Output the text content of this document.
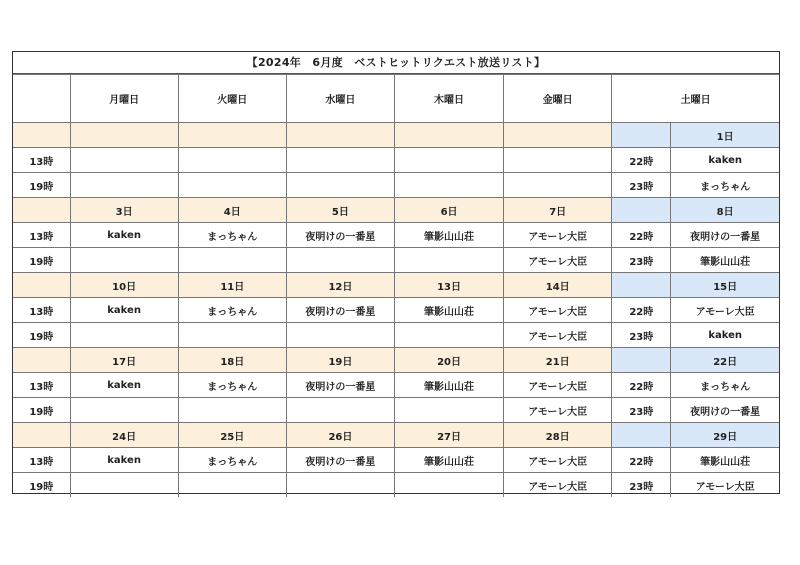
【2024年　6月度　ベストヒットリクエスト放送リスト】
	月曜日	火曜日	水曜日	木曜日	金曜日	土曜日	
							1日
13時						22時	kaken
19時						23時	まっちゃん
	3日	4日	5日	6日	7日		8日
13時	kaken	まっちゃん	夜明けの一番星	筆影山山荘	アモーレ大臣	22時	夜明けの一番星
19時					アモーレ大臣	23時	筆影山山荘
	10日	11日	12日	13日	14日		15日
13時	kaken	まっちゃん	夜明けの一番星	筆影山山荘	アモーレ大臣	22時	アモーレ大臣
19時					アモーレ大臣	23時	kaken
	17日	18日	19日	20日	21日		22日
13時	kaken	まっちゃん	夜明けの一番星	筆影山山荘	アモーレ大臣	22時	まっちゃん
19時					アモーレ大臣	23時	夜明けの一番星
	24日	25日	26日	27日	28日		29日
13時	kaken	まっちゃん	夜明けの一番星	筆影山山荘	アモーレ大臣	22時	筆影山山荘
19時					アモーレ大臣	23時	アモーレ大臣
